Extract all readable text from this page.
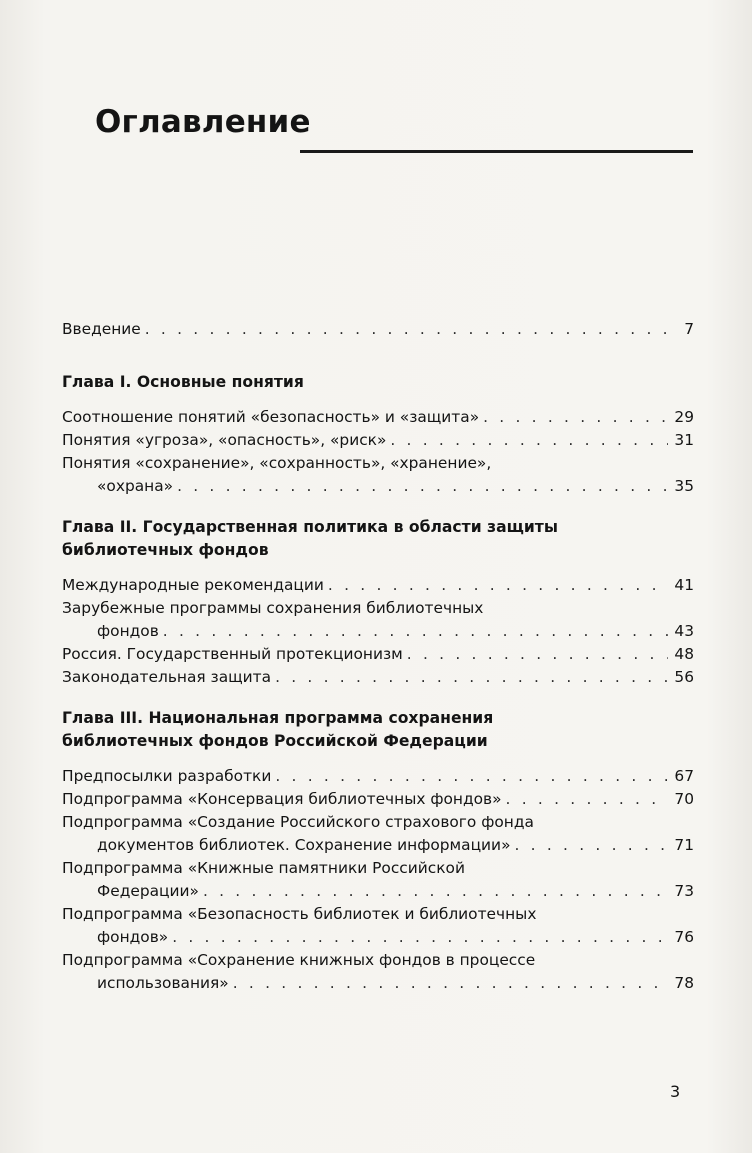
Оглавление
Введение . . .	7
Глава I. Основные понятия
Соотношение понятий «безопасность» и «защита» . . .	29
Понятия «угроза», «опасность», «риск» . . .	31
Понятия «сохранение», «сохранность», «хранение»,
«охрана» . . .	35
Глава II. Государственная политика в области защиты
библиотечных фондов
Международные рекомендации . . .	41
Зарубежные программы сохранения библиотечных
фондов . . .	43
Россия. Государственный протекционизм . . .	48
Законодательная защита . . .	56
Глава III. Национальная программа сохранения
библиотечных фондов Российской Федерации
Предпосылки разработки . . .	67
Подпрограмма «Консервация библиотечных фондов» . . .	70
Подпрограмма «Создание Российского страхового фонда
документов библиотек. Сохранение информации» . . .	71
Подпрограмма «Книжные памятники Российской
Федерации» . . .	73
Подпрограмма «Безопасность библиотек и библиотечных
фондов» . . .	76
Подпрограмма «Сохранение книжных фондов в процессе
использования» . . .	78
3
